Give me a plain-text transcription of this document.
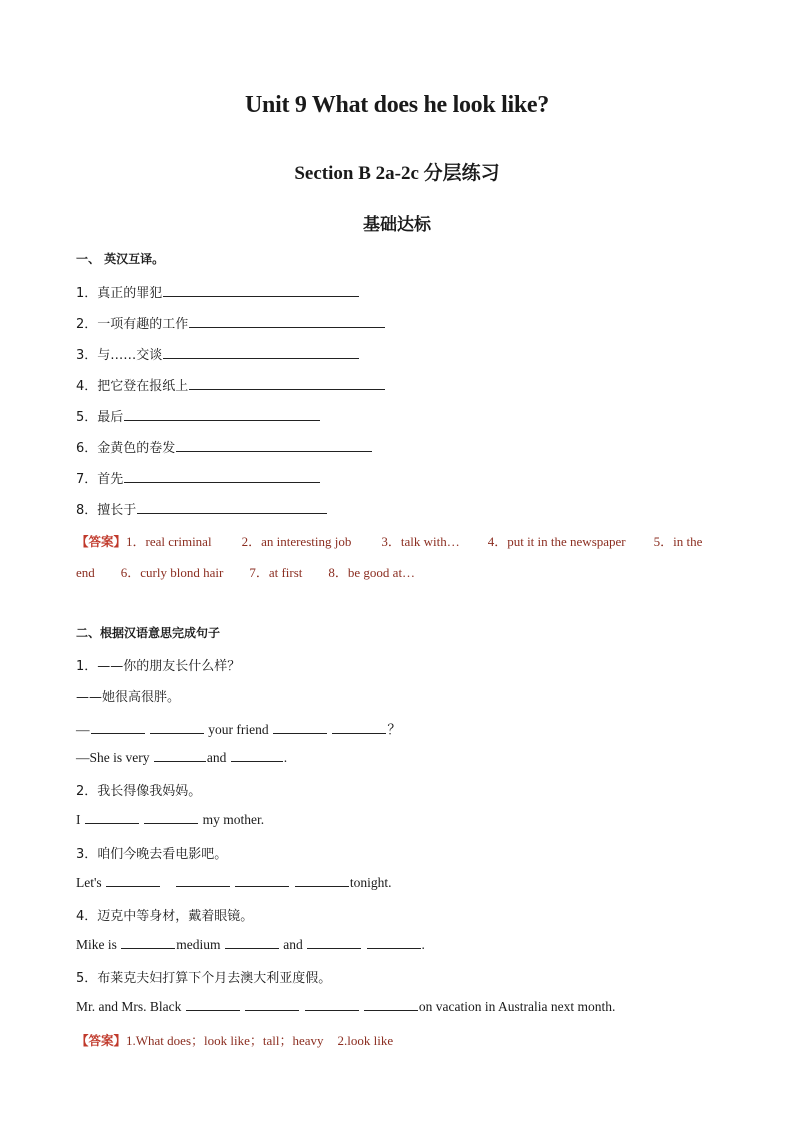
Unit 9 What does he look like?
Section B 2a-2c 分层练习
基础达标
一、 英汉互译。
1．真正的罪犯
2．一项有趣的工作
3．与……交谈
4．把它登在报纸上
5．最后
6．金黄色的卷发
7．首先
8．擅长于
【答案】1．real criminal 2．an interesting job 3．talk with… 4．put it in the newspaper 5．in the
end 6．curly blond hair 7．at first 8．be good at…
二、根据汉语意思完成句子
1．——你的朋友长什么样？
——她很高很胖。
—	your friend	？
—She is very	and	.
2．我长得像我妈妈。
I	my mother.
3．咱们今晚去看电影吧。
Let's	tonight.
4．迈克中等身材，戴着眼镜。
Mike is	medium	and	.
5．布莱克夫妇打算下个月去澳大利亚度假。
Mr. and Mrs. Black	on vacation in Australia next month.
【答案】1.What does；look like；tall；heavy 2.look like
